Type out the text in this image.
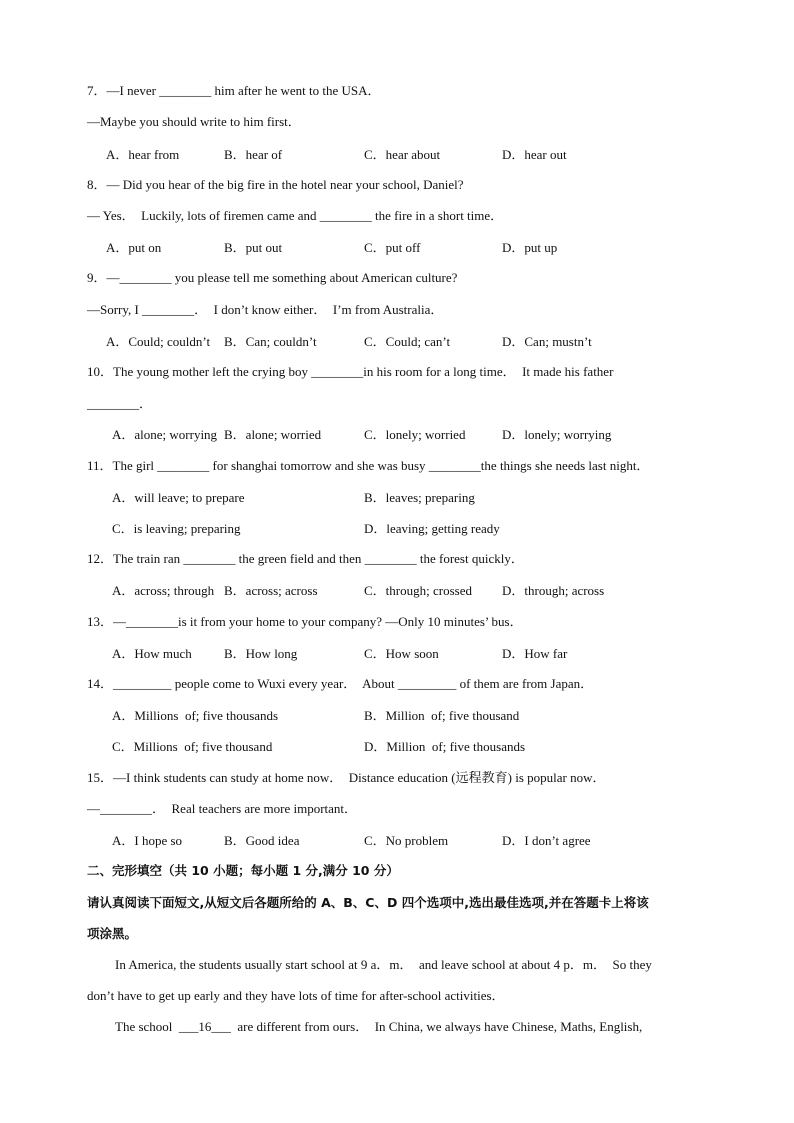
7．—I never ________ him after he went to the USA．
—Maybe you should write to him first．
A．hear from	B．hear of	C．hear about	D．hear out
8．— Did you hear of the big fire in the hotel near your school, Daniel?
— Yes．  Luckily, lots of firemen came and ________ the fire in a short time．
A．put on	B．put out	C．put off	D．put up
9．—________ you please tell me something about American culture?
—Sorry, I ________．  I don’t know either．  I’m from Australia．
A．Could; couldn’t B．Can; couldn’t	C．Could; can’t	D．Can; mustn’t
10．The young mother left the crying boy ________in his room for a long time．  It made his father
________．
A．alone; worrying B．alone; worried	C．lonely; worried	D．lonely; worrying
11．The girl ________ for shanghai tomorrow and she was busy ________the things she needs last night．
A．will leave; to prepare	B．leaves; preparing
C．is leaving; preparing	D．leaving; getting ready
12．The train ran ________ the green field and then ________ the forest quickly．
A．across; through B．across; across	C．through; crossed D．through; across
13．—________is it from your home to your company? —Only 10 minutes’ bus．
A．How much B．How long	C．How soon	D．How far
14．_________ people come to Wuxi every year．  About _________ of them are from Japan．
A．Millions  of; five thousands	B．Million  of; five thousand
C．Millions  of; five thousand	D．Million  of; five thousands
15．—I think students can study at home now．  Distance education (远程教育) is popular now．
—________．  Real teachers are more important．
A．I hope so	B．Good idea	C．No problem	D．I don’t agree
二、完形填空（共 10 小题；每小题 1 分,满分 10 分）
请认真阅读下面短文,从短文后各题所给的 A、B、C、D 四个选项中,选出最佳选项,并在答题卡上将该
项涂黑。
In America, the students usually start school at 9 a．m．  and leave school at about 4 p．m．  So they
don’t have to get up early and they have lots of time for after-school activities．
The school  ___16___  are different from ours．  In China, we always have Chinese, Maths, English,
